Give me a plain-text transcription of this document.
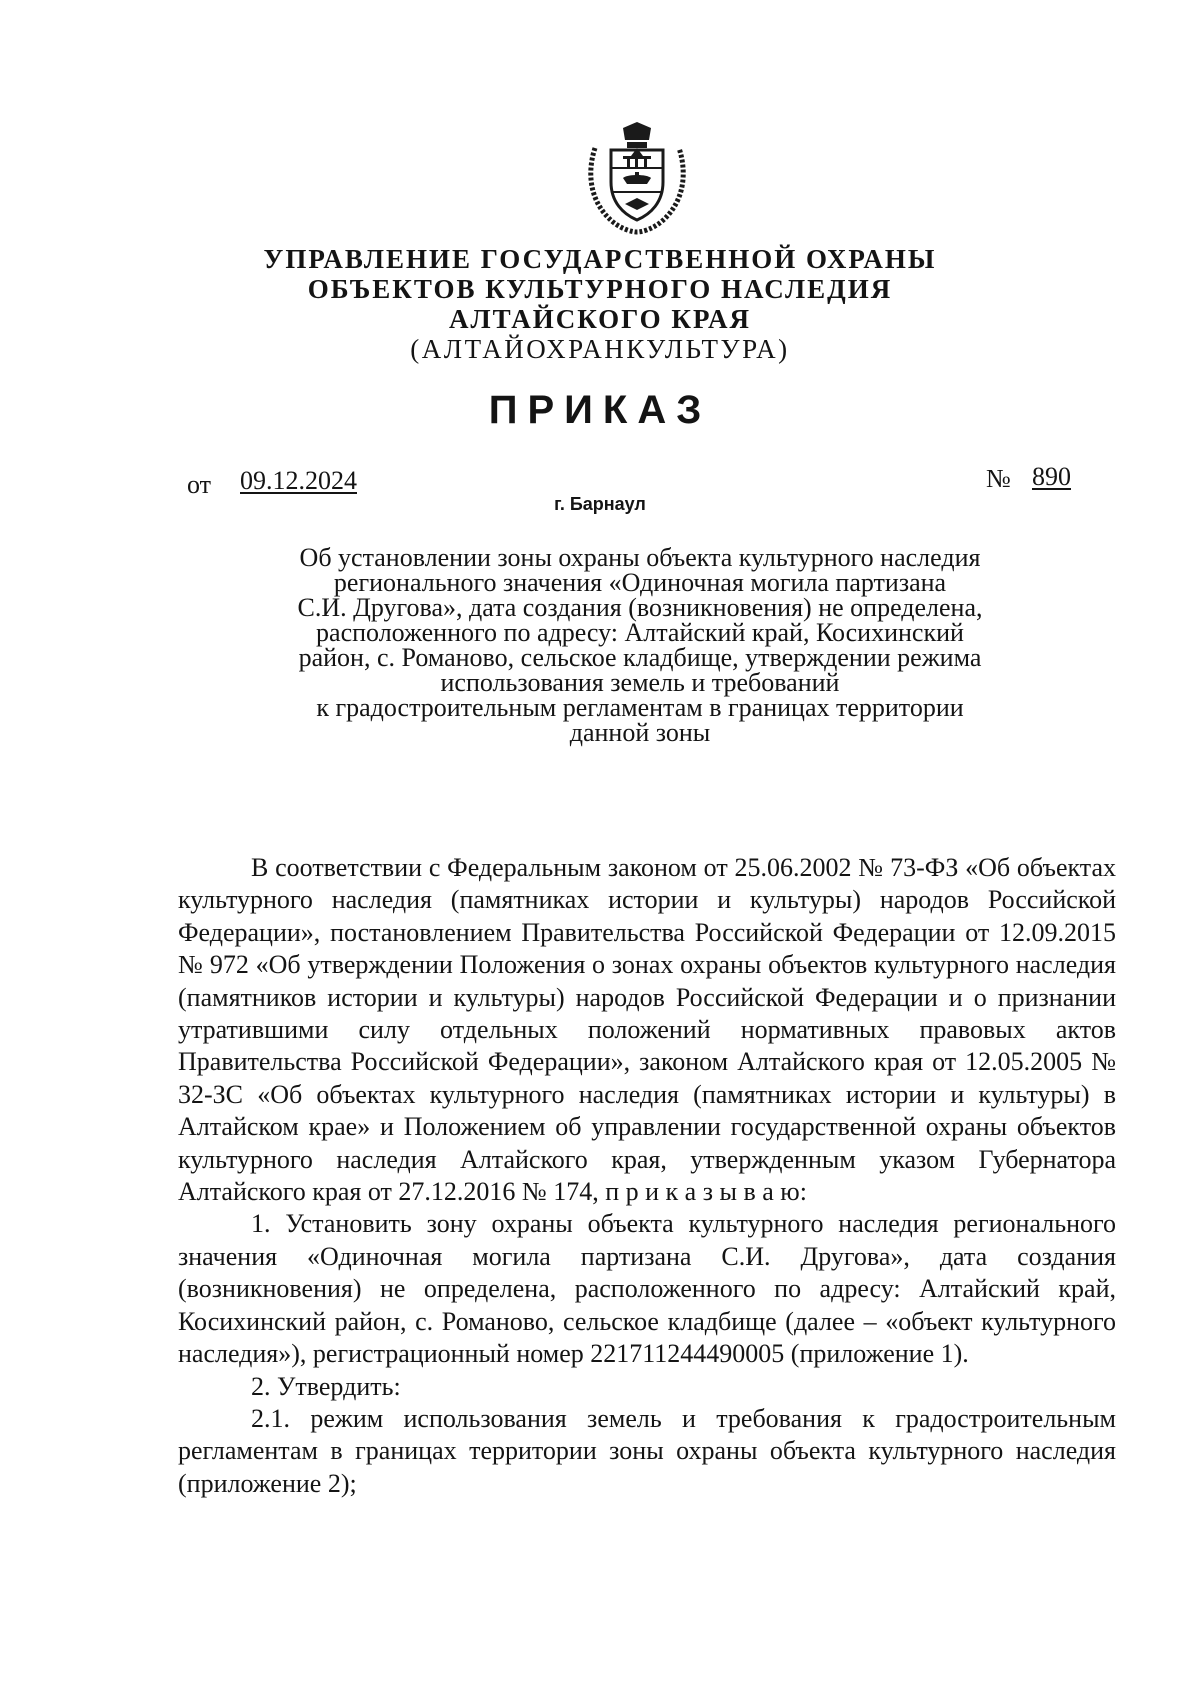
УПРАВЛЕНИЕ ГОСУДАРСТВЕННОЙ ОХРАНЫ
ОБЪЕКТОВ КУЛЬТУРНОГО НАСЛЕДИЯ
АЛТАЙСКОГО КРАЯ
(АЛТАЙОХРАНКУЛЬТУРА)
ПРИКАЗ
от 09.12.2024	№ 890
г. Барнаул
Об установлении зоны охраны объекта культурного наследия
регионального значения «Одиночная могила партизана
С.И. Другова», дата создания (возникновения) не определена,
расположенного по адресу: Алтайский край, Косихинский
район, с. Романово, сельское кладбище, утверждении режима
использования земель и требований
к градостроительным регламентам в границах территории
данной зоны

В соответствии с Федеральным законом от 25.06.2002 № 73-ФЗ «Об объектах культурного наследия (памятниках истории и культуры) народов Российской Федерации», постановлением Правительства Российской Федерации от 12.09.2015 № 972 «Об утверждении Положения о зонах охраны объектов культурного наследия (памятников истории и культуры) народов Российской Федерации и о признании утратившими силу отдельных положений нормативных правовых актов Правительства Российской Федерации», законом Алтайского края от 12.05.2005 № 32-ЗС «Об объектах культурного наследия (памятниках истории и культуры) в Алтайском крае» и Положением об управлении государственной охраны объектов культурного наследия Алтайского края, утвержденным указом Губернатора Алтайского края от 27.12.2016 № 174, п р и к а з ы в а ю:

1. Установить зону охраны объекта культурного наследия регионального значения «Одиночная могила партизана С.И. Другова», дата создания (возникновения) не определена, расположенного по адресу: Алтайский край, Косихинский район, с. Романово, сельское кладбище (далее – «объект культурного наследия»), регистрационный номер 221711244490005 (приложение 1).

2. Утвердить:

2.1. режим использования земель и требования к градостроительным регламентам в границах территории зоны охраны объекта культурного наследия (приложение 2);
